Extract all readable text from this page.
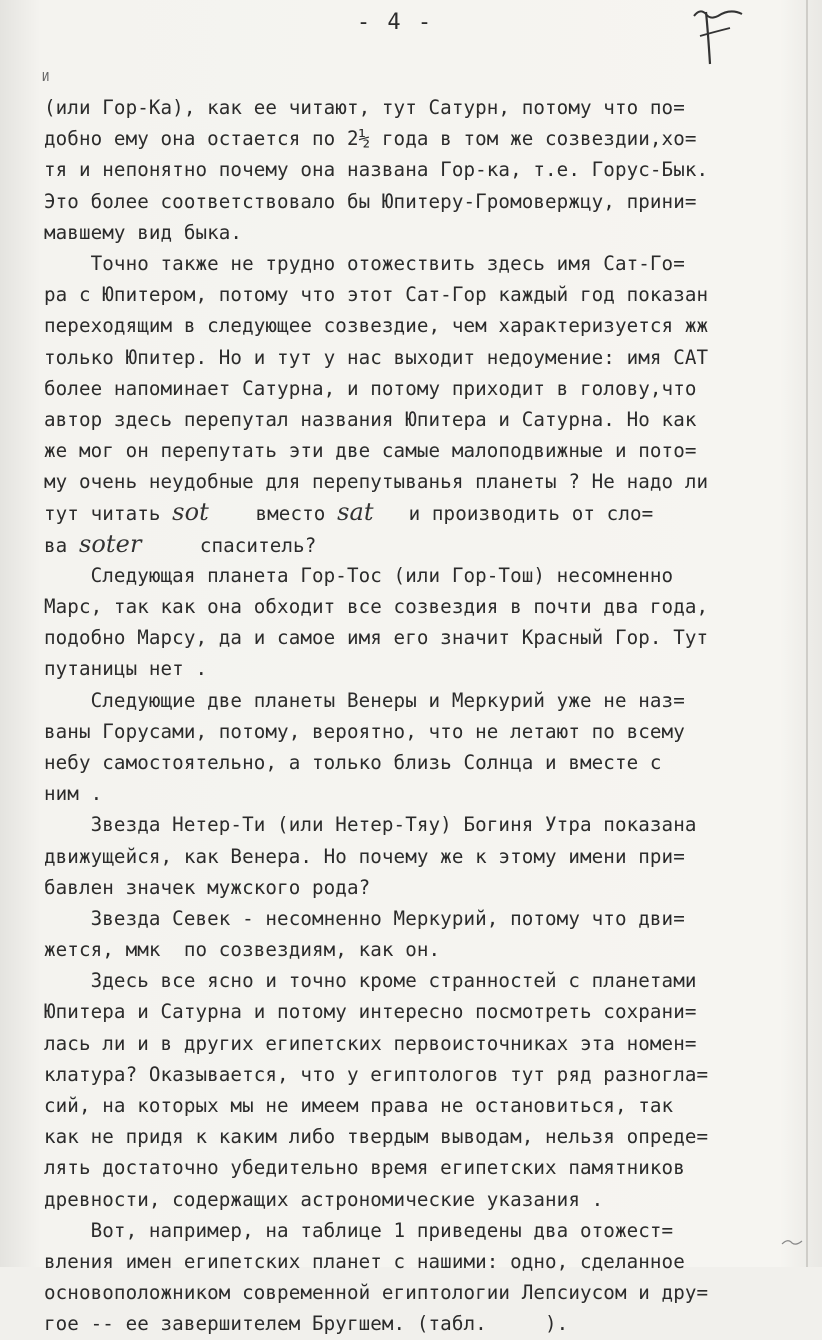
- 4 -
И
(или Гор-Ка), как ее читают, тут Сатурн, потому что по=
добно ему она остается по 2½ года в том же созвездии,хо=
тя и непонятно почему она названа Гор-ка, т.е. Горус-Бык.
Это более соответствовало бы Юпитеру-Громовержцу, прини=
мавшему вид быка.
Точно также не трудно отожествить здесь имя Сат-Го=
ра с Юпитером, потому что этот Сат-Гор каждый год показан
переходящим в следующее созвездие, чем характеризуется жж
только Юпитер. Но и тут у нас выходит недоумение: имя САТ
более напоминает Сатурна, и потому приходит в голову,что
автор здесь перепутал названия Юпитера и Сатурна. Но как
же мог он перепутать эти две самые малоподвижные и пото=
му очень неудобные для перепутыванья планеты ? Не надо ли
тут читать sot    вместо sat   и производить от слo=
ва soter     спаситель?
Следующая планета Гор-Тос (или Гор-Тош) несомненно
Марс, так как она обходит все созвездия в почти два года,
подобно Марсу, да и самое имя его значит Красный Гор. Тут
путаницы нет .
Следующие две планеты Венеры и Меркурий уже не наз=
ваны Горусами, потому, вероятно, что не летают по всему
небу самостоятельно, а только близь Солнца и вместе с
ним .
Звезда Нетер-Ти (или Нетер-Тяу) Богиня Утра показана
движущейся, как Венера. Но почему же к этому имени при=
бавлен значек мужского рода?
Звезда Севек - несомненно Меркурий, потому что дви=
жется, ммк  по созвездиям, как он.
Здесь все ясно и точно кроме странностей с планетами
Юпитера и Сатурна и потому интересно посмотреть сохрани=
лась ли и в других египетских первоисточниках эта номен=
клатура? Оказывается, что у египтологов тут ряд разногла=
сий, на которых мы не имеем права не остановиться, так
как не придя к каким либо твердым выводам, нельзя опреде=
лять достаточно убедительно время египетских памятников
древности, содержащих астрономические указания .
Вот, например, на таблице 1 приведены два отожест=
вления имен египетских планет с нашими: одно, сделанное
основоположником современной египтологии Лепсиусом и дру=
гое -- ее завершителем Бругшем. (табл.     ).
